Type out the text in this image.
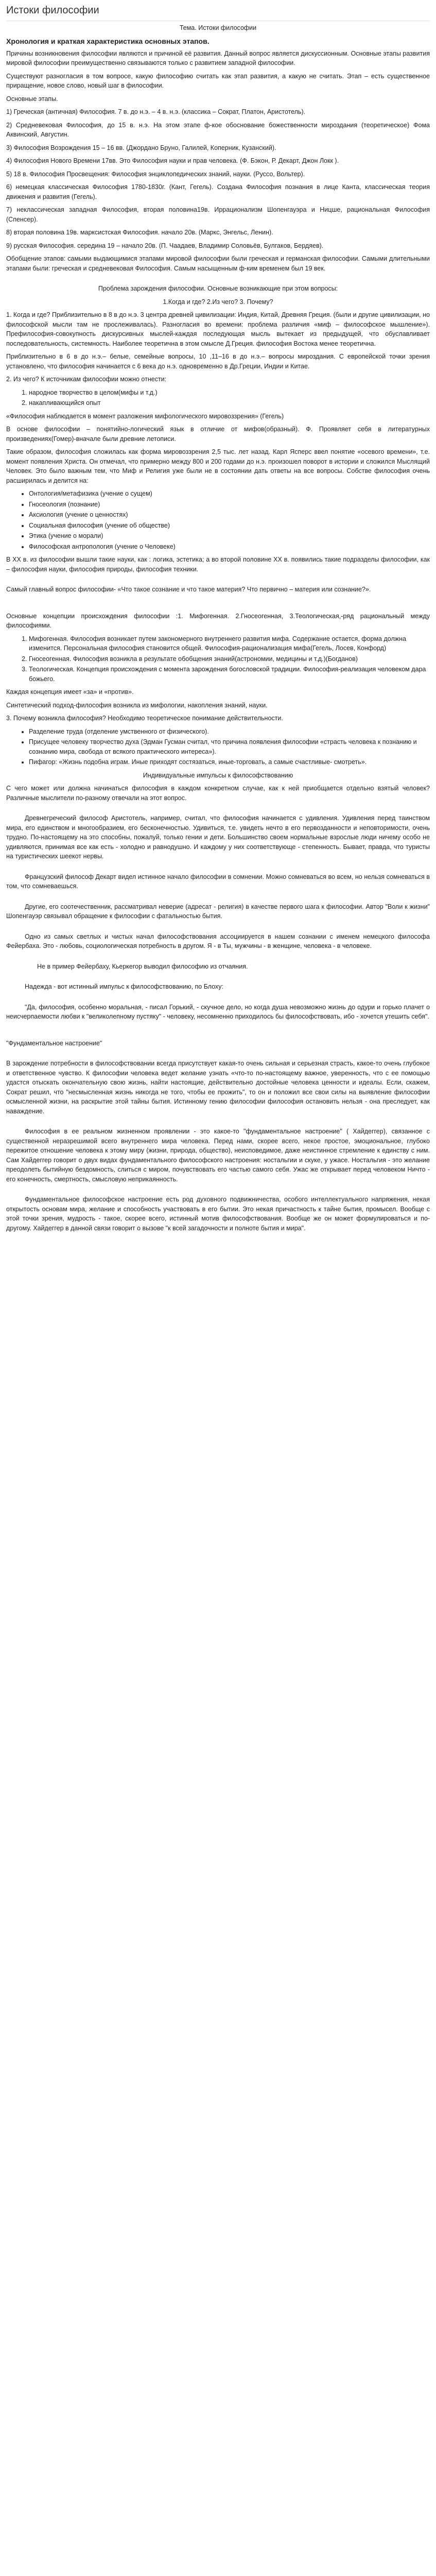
Истоки философии

Тема. Истоки философии

Хронология и краткая характеристика основных этапов.

Причины возникновения философии являются и причиной её развития. Данный вопрос является дискуссионным. Основные этапы развития мировой философии преимущественно связываются только с развитием западной философии.

Существуют разногласия в том вопросе, какую философию считать как этап развития, а какую не считать. Этап – есть существенное приращение, новое слово, новый шаг в философии.

Основные этапы.

1) Греческая (античная) Философия. 7 в. до н.э. – 4 в. н.э. (классика – Сократ, Платон, Аристотель).

2) Средневековая Философия, до 15 в. н.э. На этом этапе ф-кое обоснование божественности мироздания (теоретическое) Фома Аквинский, Августин.

3) Философия Возрождения 15 – 16 вв. (Джордано Бруно, Галилей, Коперник, Кузанский).

4) Философия Нового Времени 17вв. Это Философия науки и прав человека. (Ф. Бэкон, Р. Декарт, Джон Локк ).

5) 18 в. Философия Просвещения: Философия энциклопедических знаний, науки. (Руссо, Вольтер).

6) немецкая классическая Философия 1780-1830г. (Кант, Гегель). Создана Философия познания в лице Канта, классическая теория движения и развития (Гегель).

7) неклассическая западная Философия, вторая половина19в. Иррационализм Шопенгауэра и Ницше, рациональная Философия (Спенсер).

8) вторая половина 19в. марксистская Философия. начало 20в. (Маркс, Энгельс, Ленин).

9) русская Философия. середина 19 – начало 20в. (П. Чаадаев, Владимир Соловьёв, Булгаков, Бердяев).

Обобщение этапов: самыми выдающимися этапами мировой философии были греческая и германская философии. Самыми длительными этапами были: греческая и средневековая Философия. Самым насыщенным ф-ким временем был 19 век.

Проблема зарождения философии. Основные возникающие при этом вопросы:

1.Когда и где? 2.Из чего? 3. Почему?

1. Когда и где? Приблизительно в 8 в до н.э. 3 центра древней цивилизации: Индия, Китай, Древняя Греция. (были и другие цивилизации, но философской мысли там не прослеживалась). Разногласия во времени: проблема различия «миф – философское мышление»). Префилософия-совокупность дискурсивных мыслей-каждая последующая мысль вытекает из предыдущей, что обуславливает последовательность, системность. Наиболее теоретична в этом смысле Д.Греция. философия Востока менее теоретична.

Приблизительно в 6 в до н.э.– белые, семейные вопросы, 10 ,11–16 в до н.э.– вопросы мироздания. С европейской точки зрения установлено, что философия начинается с 6 века до н.э. одновременно в Др.Греции, Индии и Китае.

2. Из чего? К источникам философии можно отнести:

1. народное творчество в целом(мифы и т.д.)
2. накапливающийся опыт

«Философия наблюдается в момент разложения мифологического мировоззрения» (Гегель)

В основе философии – понятийно-логический язык в отличие от мифов(образный). Ф. Проявляет себя в литературных произведениях(Гомер)-вначале были древние летописи.

Такие образом, философия сложилась как форма мировоззрения 2,5 тыс. лет назад. Карл Ясперс ввел понятие «осевого времени», т.е. момент появления Христа. Он отмечал, что примерно между 800 и 200 годами до н.э. произошел поворот в истории и сложился Мыслящий Человек. Это было важным тем, что Миф и Религия уже были не в состоянии дать ответы на все вопросы. Собстве философия очень расширилась и делится на:

• Онтология/метафизика (учение о сущем)
• Гносеология (познание)
• Аксиология (учение о ценностях)
• Социальная философия (учение об обществе)
• Этика (учение о морали)
• Философская антропология (учение о Человеке)

В XX в. из философии вышли такие науки, как : логика, эстетика; а во второй половине XX в. появились такие подразделы философии, как – философия науки, философия природы, философия техники.

Самый главный вопрос философии- «Что такое сознание и что такое материя? Что первично – материя или сознание?».

Основные концепции происхождения философии :1. Мифогенная. 2.Гносеогенная, 3.Теологическая,-ряд рациональный между философиями.

1. Мифогенная. Философия возникает путем закономерного внутреннего развития мифа. Содержание остается, форма должна изменится. Персональная философия становится общей. Философия-рационализация мифа(Гегель, Лосев, Конфорд)
2. Гносеогенная. Философия возникла в результате обобщения знаний(астрономии, медицины и т.д.)(Богданов)
3. Теологическая. Концепция происхождения с момента зарождения богословской традиции. Философия-реализация человеком дара божьего.

Каждая концепция имеет «за» и «против».

Синтетический подход-философия возникла из мифологии, накопления знаний, науки.

3. Почему возникла философия? Необходимо теоретическое понимание действительности.

• Разделение труда (отделение умственного от физического).
• Присущее человеку творчество духа (Эдман Гусман считал, что причина появления философии «страсть человека к познанию и сознанию мира, свобода от всякого практического интереса»).
• Пифагор: «Жизнь подобна играм. Иные приходят состязаться, иные-торговать, а самые счастливые- смотреть».

Индивидуальные импульсы к философствованию

С чего может или должна начинаться философия в каждом конкретном случае, как к ней приобщается отдельно взятый человек? Различные мыслители по-разному отвечали на этот вопрос.

Древнегреческий философ Аристотель, например, считал, что философия начинается с удивления. Удивления перед таинством мира, его единством и многообразием, его бесконечностью. Удивиться, т.е. увидеть нечто в его первозданности и неповторимости, очень трудно. По-настоящему на это способны, пожалуй, только гении и дети. Большинство своем нормальные взрослые люди ничему особо не удивляются, принимая все как есть - холодно и равнодушно. И каждому у них соответствующе - степенность. Бывает, правда, что туристы на туристических шеекот нервы.

Французский философ Декарт видел истинное начало философии в сомнении. Можно сомневаться во всем, но нельзя сомневаться в том, что сомневаешься.

Другие, его соотечественник, рассматривал неверие (адресат - религия) в качестве первого шага к философии. Автор "Воли к жизни" Шопенгауэр связывал обращение к философии с фатальностью бытия.

Одно из самых светлых и чистых начал философствования ассоциируется в нашем сознании с именем немецкого философа Фейербаха. Это - любовь, социологическая потребность в другом. Я - в Ты, мужчины - в женщине, человека - в человеке.

Не в пример Фейербаху, Кьеркегор выводил философию из отчаяния.

Надежда - вот истинный импульс к философствованию, по Блоху:

"Да, философия, особенно моральная, - писал Горький, - скучное дело, но когда душа невозможно жизнь до одури и горько плачет о неисчерпаемости любви к "великолепному пустяку" - человеку, несомненно приходилось бы философствовать, ибо - хочется утешить себя".

"Фундаментальное настроение"

В зарождение потребности в философствовании всегда присутствует какая-то очень сильная и серьезная страсть, какое-то очень глубокое и ответственное чувство. К философии человека ведет желание узнать «что-то по-настоящему важное, уверенность, что с ее помощью удастся отыскать окончательную свою жизнь, найти настоящие, действительно достойные человека ценности и идеалы. Если, скажем, Сократ решил, что "несмысленная жизнь никогда не того, чтобы ее прожить", то он и положил все свои силы на выявление философии осмысленной жизни, на раскрытие этой тайны бытия. Истинному гению философии философия остановить нельзя - она преследует, как наваждение.

Философия в ее реальном жизненном проявлении - это какое-то "фундаментальное настроение" ( Хайдеггер), связанное с существенной неразрешимой всего внутреннего мира человека. Перед нами, скорее всего, некое простое, эмоциональное, глубоко пережитое отношение человека к этому миру (жизни, природа, общество), неисповедимое, даже неистинное стремление к единству с ним. Сам Хайдеггер говорит о двух видах фундаментального философского настроения: ностальгии и скуке, у ужасе. Ностальгия - это желание преодолеть бытийную бездомность, слиться с миром, почувствовать его частью самого себя. Ужас же открывает перед человеком Ничто - его конечность, смертность, смысловую неприкаянность.

Фундаментальное философское настроение есть род духовного подвижничества, особого интеллектуального напряжения, некая открытость основам мира, желание и способность участвовать в его бытии. Это некая причастность к тайне бытия, промысел. Вообще с этой точки зрения, мудрость - такое, скорее всего, истинный мотив философствования. Вообще же он может формулироваться и по-другому. Хайдеггер в данной связи говорит о вызове "к всей загадочности и полноте бытия и мира".
